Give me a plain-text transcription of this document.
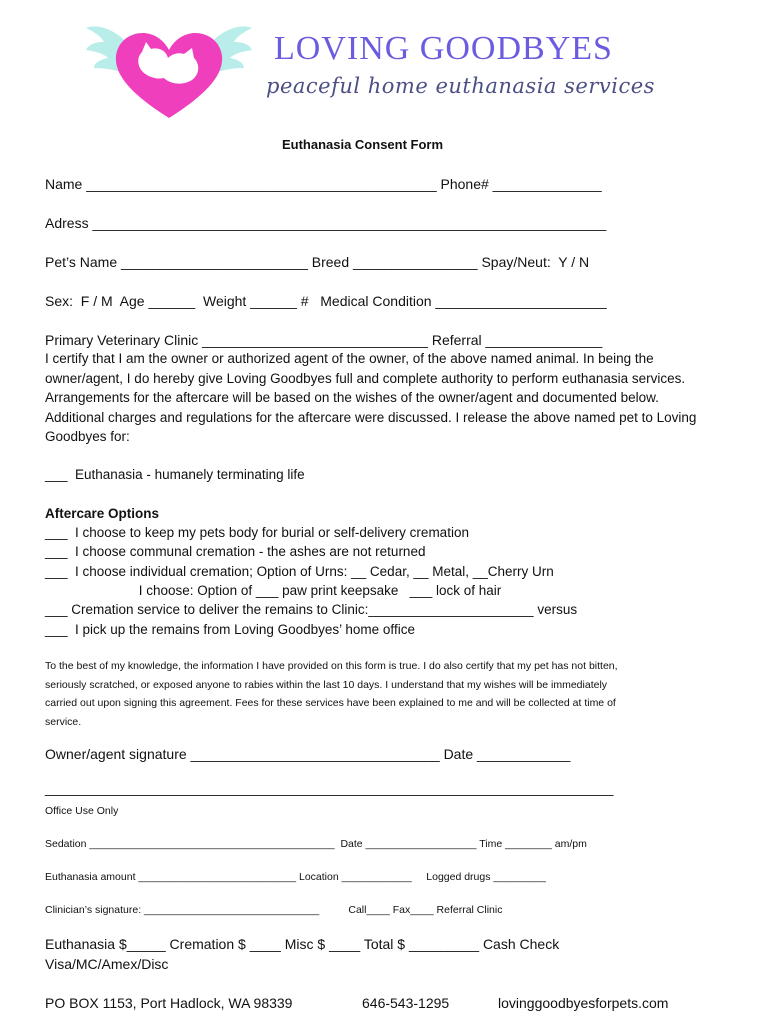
LOVING GOODBYES
peaceful home euthanasia services
Euthanasia Consent Form
Name _____________________________________________ Phone# ______________
Adress __________________________________________________________________
Pet’s Name ________________________ Breed ________________ Spay/Neut:  Y / N
Sex:  F / M  Age ______  Weight ______ #   Medical Condition ______________________
Primary Veterinary Clinic _____________________________ Referral _______________

I certify that I am the owner or authorized agent of the owner, of the above named animal. In being the

owner/agent, I do hereby give Loving Goodbyes full and complete authority to perform euthanasia services.

Arrangements for the aftercare will be based on the wishes of the owner/agent and documented below.

Additional charges and regulations for the aftercare were discussed. I release the above named pet to Loving

Goodbyes for:

___  Euthanasia - humanely terminating life
Aftercare Options
___  I choose to keep my pets body for burial or self-delivery cremation
___  I choose communal cremation - the ashes are not returned
___  I choose individual cremation; Option of Urns: __ Cedar, __ Metal, __Cherry Urn
I choose: Option of ___ paw print keepsake   ___ lock of hair
___ Cremation service to deliver the remains to Clinic:______________________ versus
___  I pick up the remains from Loving Goodbyes’ home office

To the best of my knowledge, the information I have provided on this form is true. I do also certify that my pet has not bitten,

seriously scratched, or exposed anyone to rabies within the last 10 days. I understand that my wishes will be immediately

carried out upon signing this agreement. Fees for these services have been explained to me and will be collected at time of

service.

Owner/agent signature ________________________________ Date ____________
_________________________________________________________________________
Office Use Only
Sedation __________________________________________  Date ___________________ Time ________ am/pm
Euthanasia amount ___________________________ Location ____________     Logged drugs _________
Clinician’s signature: ______________________________          Call____ Fax____ Referral Clinic
Euthanasia $_____ Cremation $ ____ Misc $ ____ Total $ _________ Cash Check
Visa/MC/Amex/Disc
PO BOX 1153, Port Hadlock, WA 98339	646-543-1295	lovinggoodbyesforpets.com
